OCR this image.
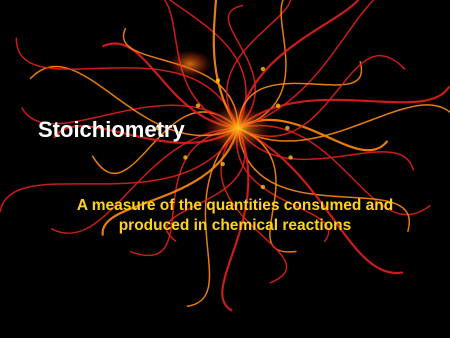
Stoichiometry

A measure of the quantities consumed and produced in chemical reactions
